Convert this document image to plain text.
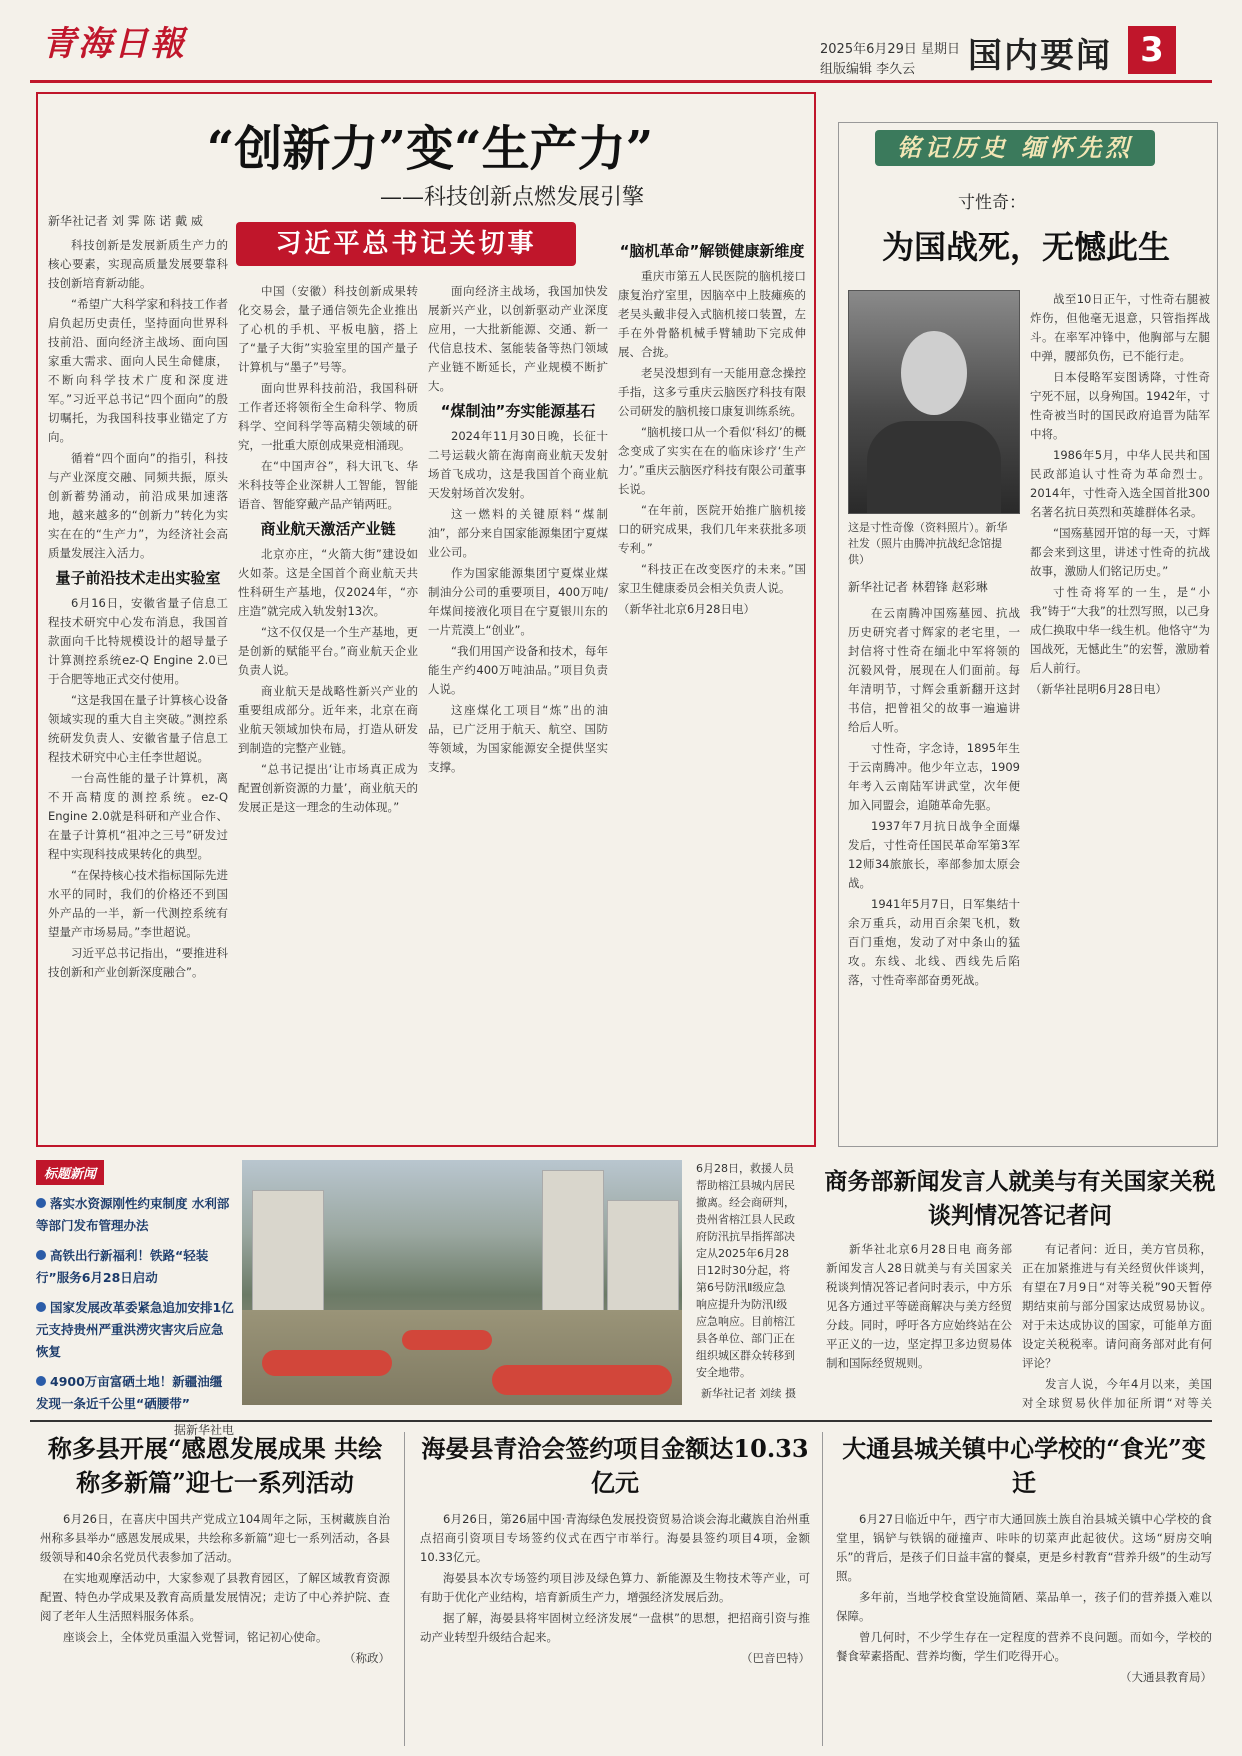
青海日報	2025年6月29日 星期日
组版编辑 李久云	国内要闻 3
“创新力”变“生产力”
——科技创新点燃发展引擎
新华社记者 刘 霁 陈 诺 戴 威
习近平总书记关切事

科技创新是发展新质生产力的核心要素，实现高质量发展要靠科技创新培育新动能。

“希望广大科学家和科技工作者肩负起历史责任，坚持面向世界科技前沿、面向经济主战场、面向国家重大需求、面向人民生命健康，不断向科学技术广度和深度进军。”习近平总书记“四个面向”的殷切嘱托，为我国科技事业锚定了方向。

循着“四个面向”的指引，科技与产业深度交融、同频共振，原头创新蓄势涌动，前沿成果加速落地，越来越多的“创新力”转化为实实在在的“生产力”，为经济社会高质量发展注入活力。

量子前沿技术走出实验室

6月16日，安徽省量子信息工程技术研究中心发布消息，我国首款面向千比特规模设计的超导量子计算测控系统ez-Q Engine 2.0已于合肥等地正式交付使用。

“这是我国在量子计算核心设备领域实现的重大自主突破。”测控系统研发负责人、安徽省量子信息工程技术研究中心主任李世超说。

一台高性能的量子计算机，离不开高精度的测控系统。ez-Q Engine 2.0就是科研和产业合作、在量子计算机“祖冲之三号”研发过程中实现科技成果转化的典型。

“在保持核心技术指标国际先进水平的同时，我们的价格还不到国外产品的一半，新一代测控系统有望量产市场易局。”李世超说。

习近平总书记指出，“要推进科技创新和产业创新深度融合”。

中国（安徽）科技创新成果转化交易会，量子通信领先企业推出了心机的手机、平板电脑，搭上了“量子大街”实验室里的国产量子计算机与“墨子”号等。

面向世界科技前沿，我国科研工作者还将领衔全生命科学、物质科学、空间科学等高精尖领域的研究，一批重大原创成果竞相涌现。

在“中国声谷”，科大讯飞、华米科技等企业深耕人工智能，智能语音、智能穿戴产品产销两旺。

商业航天激活产业链

北京亦庄，“火箭大街”建设如火如荼。这是全国首个商业航天共性科研生产基地，仅2024年，“亦庄造”就完成入轨发射13次。

“这不仅仅是一个生产基地，更是创新的赋能平台。”商业航天企业负责人说。

商业航天是战略性新兴产业的重要组成部分。近年来，北京在商业航天领域加快布局，打造从研发到制造的完整产业链。

“总书记提出‘让市场真正成为配置创新资源的力量’，商业航天的发展正是这一理念的生动体现。”

面向经济主战场，我国加快发展新兴产业，以创新驱动产业深度应用，一大批新能源、交通、新一代信息技术、氢能装备等热门领域产业链不断延长，产业规模不断扩大。

“煤制油”夯实能源基石

2024年11月30日晚，长征十二号运载火箭在海南商业航天发射场首飞成功，这是我国首个商业航天发射场首次发射。

这一燃料的关键原料“煤制油”，部分来自国家能源集团宁夏煤业公司。

作为国家能源集团宁夏煤业煤制油分公司的重要项目，400万吨/年煤间接液化项目在宁夏银川东的一片荒漠上“创业”。

“我们用国产设备和技术，每年能生产约400万吨油品。”项目负责人说。

这座煤化工项目“炼”出的油品，已广泛用于航天、航空、国防等领域，为国家能源安全提供坚实支撑。

“脑机革命”解锁健康新维度

重庆市第五人民医院的脑机接口康复治疗室里，因脑卒中上肢瘫痪的老吴头戴非侵入式脑机接口装置，左手在外骨骼机械手臂辅助下完成伸展、合拢。

老吴没想到有一天能用意念操控手指，这多亏重庆云脑医疗科技有限公司研发的脑机接口康复训练系统。

“脑机接口从一个看似‘科幻’的概念变成了实实在在的临床诊疗‘生产力’。”重庆云脑医疗科技有限公司董事长说。

“在年前，医院开始推广脑机接口的研究成果，我们几年来获批多项专利。”

“科技正在改变医疗的未来。”国家卫生健康委员会相关负责人说。

（新华社北京6月28日电）

铭记历史 缅怀先烈
寸性奇：
为国战死，无憾此生
这是寸性奇像（资料照片）。新华社发（照片由腾冲抗战纪念馆提供）
新华社记者 林碧锋 赵彩琳

在云南腾冲国殇墓园、抗战历史研究者寸辉家的老宅里，一封信将寸性奇在缅北中军将领的沉毅风骨，展现在人们面前。每年清明节，寸辉会重新翻开这封书信，把曾祖父的故事一遍遍讲给后人听。

寸性奇，字念诗，1895年生于云南腾冲。他少年立志，1909年考入云南陆军讲武堂，次年便加入同盟会，追随革命先驱。

1937年7月抗日战争全面爆发后，寸性奇任国民革命军第3军12师34旅旅长，率部参加太原会战。

1941年5月7日，日军集结十余万重兵，动用百余架飞机，数百门重炮，发动了对中条山的猛攻。东线、北线、西线先后陷落，寸性奇率部奋勇死战。

战至10日正午，寸性奇右腿被炸伤，但他毫无退意，只管指挥战斗。在率军冲锋中，他胸部与左腿中弹，腰部负伤，已不能行走。

日本侵略军妄图诱降，寸性奇宁死不屈，以身殉国。1942年，寸性奇被当时的国民政府追晋为陆军中将。

1986年5月，中华人民共和国民政部追认寸性奇为革命烈士。2014年，寸性奇入选全国首批300名著名抗日英烈和英雄群体名录。

“国殇墓园开馆的每一天，寸辉都会来到这里，讲述寸性奇的抗战故事，激励人们铭记历史。”

寸性奇将军的一生，是“小我”铸于“大我”的壮烈写照，以己身成仁换取中华一线生机。他恪守“为国战死，无憾此生”的宏誓，激励着后人前行。

（新华社昆明6月28日电）

标题新闻
落实水资源刚性约束制度 水利部等部门发布管理办法
高铁出行新福利！铁路“轻装行”服务6月28日启动
国家发展改革委紧急追加安排1亿元支持贵州严重洪涝灾害灾后应急恢复
4900万亩富硒土地！新疆油缰发现一条近千公里“硒腰带”
据新华社电
6月28日，救援人员帮助榕江县城内居民撤离。经会商研判，贵州省榕江县人民政府防汛抗旱指挥部决定从2025年6月28日12时30分起，将第6号防汛Ⅱ级应急响应提升为防汛Ⅰ级应急响应。目前榕江县各单位、部门正在组织城区群众转移到安全地带。
新华社记者 刘续 摄
商务部新闻发言人就美与有关国家关税谈判情况答记者问

新华社北京6月28日电 商务部新闻发言人28日就美与有关国家关税谈判情况答记者问时表示，中方乐见各方通过平等磋商解决与美方经贸分歧。同时，呼吁各方应始终站在公平正义的一边，坚定捍卫多边贸易体制和国际经贸规则。

有记者问：近日，美方官员称，正在加紧推进与有关经贸伙伴谈判，有望在7月9日“对等关税”90天暂停期结束前与部分国家达成贸易协议。对于未达成协议的国家，可能单方面设定关税税率。请问商务部对此有何评论？

发言人说，今年4月以来，美国对全球贸易伙伴加征所谓“对等关

称多县开展“感恩发展成果 共绘称多新篇”迎七一系列活动

6月26日，在喜庆中国共产党成立104周年之际，玉树藏族自治州称多县举办“感恩发展成果，共绘称多新篇”迎七一系列活动，各县级领导和40余名党员代表参加了活动。

在实地观摩活动中，大家参观了县教育园区，了解区域教育资源配置、特色办学成果及教育高质量发展情况；走访了中心养护院、查阅了老年人生活照料服务体系。

座谈会上，全体党员重温入党誓词，铭记初心使命。

（称政）

海晏县青洽会签约项目金额达10.33亿元

6月26日，第26届中国·青海绿色发展投资贸易洽谈会海北藏族自治州重点招商引资项目专场签约仪式在西宁市举行。海晏县签约项目4项，金额10.33亿元。

海晏县本次专场签约项目涉及绿色算力、新能源及生物技术等产业，可有助于优化产业结构，培育新质生产力，增强经济发展后劲。

据了解，海晏县将牢固树立经济发展“一盘棋”的思想，把招商引资与推动产业转型升级结合起来。

（巴音巴特）

大通县城关镇中心学校的“食光”变迁

6月27日临近中午，西宁市大通回族土族自治县城关镇中心学校的食堂里，锅铲与铁锅的碰撞声、咔咔的切菜声此起彼伏。这场“厨房交响乐”的背后，是孩子们日益丰富的餐桌，更是乡村教育“营养升级”的生动写照。

多年前，当地学校食堂设施简陋、菜品单一，孩子们的营养摄入难以保障。

曾几何时，不少学生存在一定程度的营养不良问题。而如今，学校的餐食荤素搭配、营养均衡，学生们吃得开心。

（大通县教育局）
